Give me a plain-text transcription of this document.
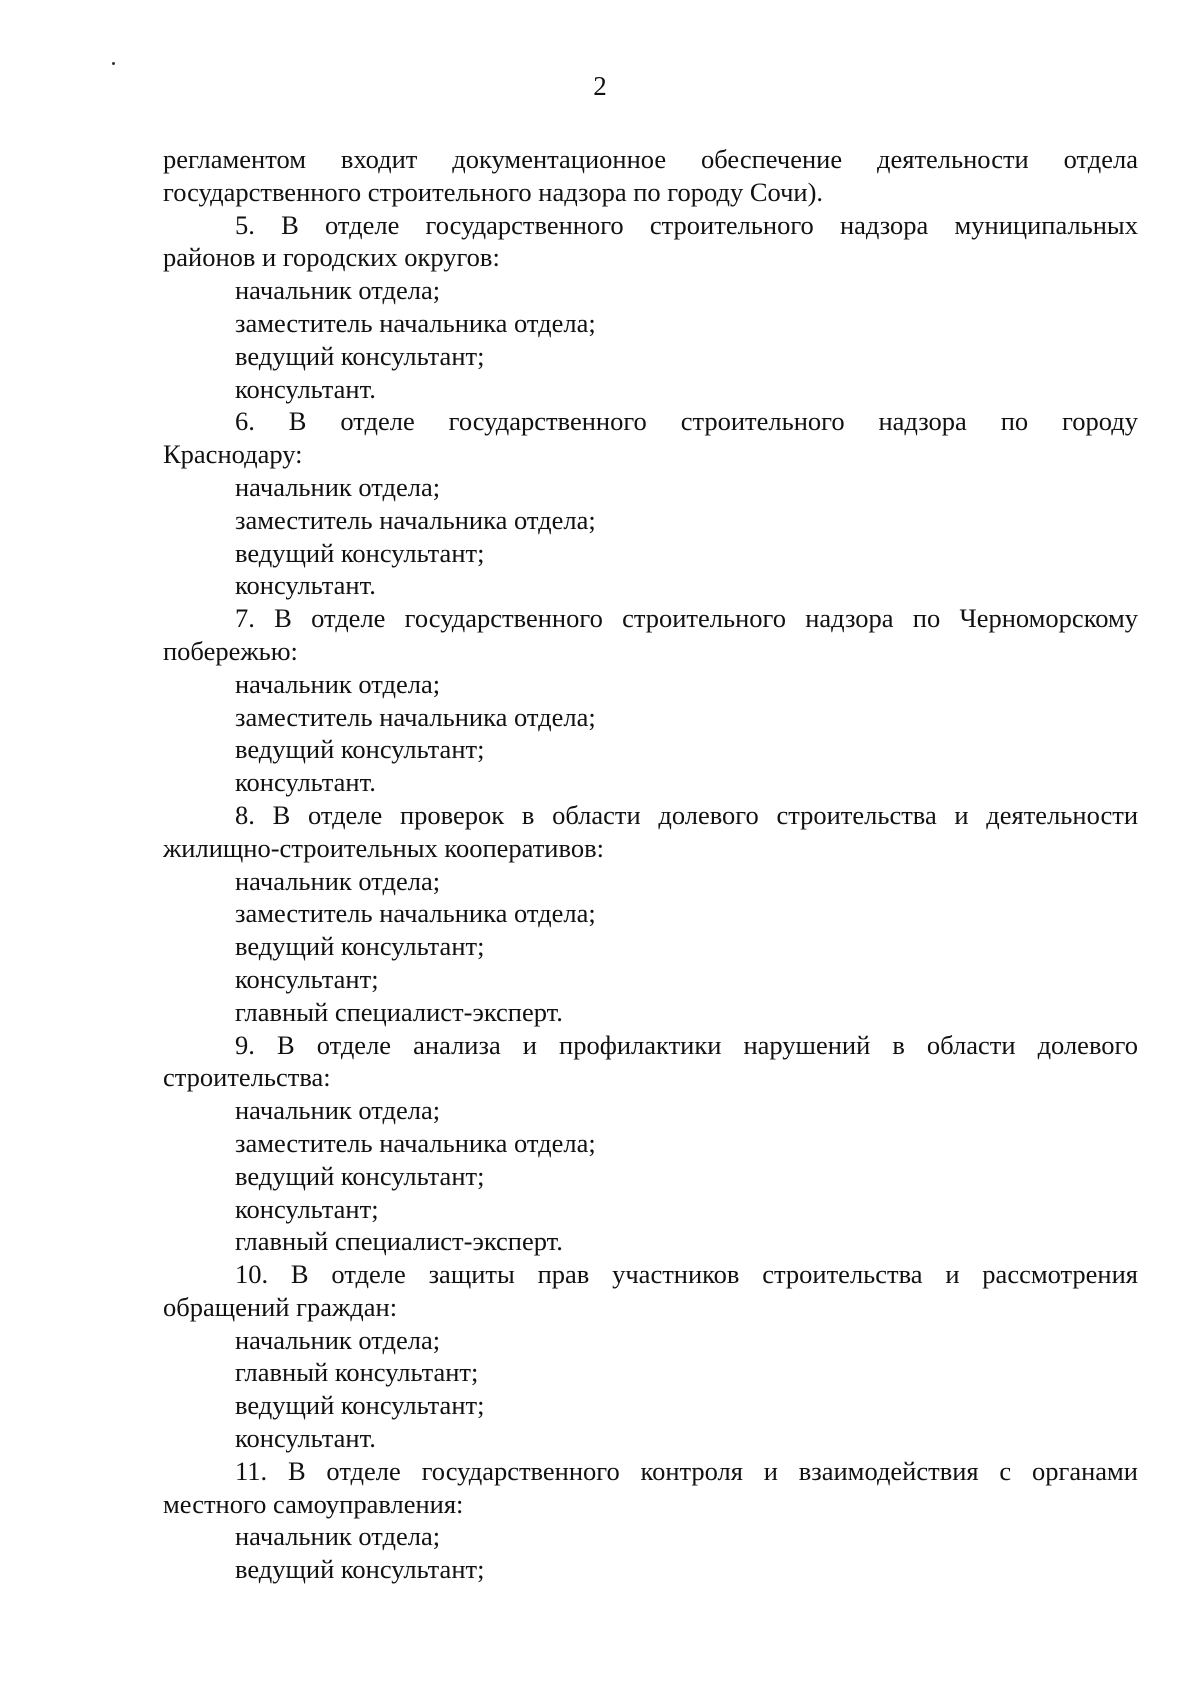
2
регламентом входит документационное обеспечение деятельности отдела
государственного строительного надзора по городу Сочи).
5. В отделе государственного строительного надзора муниципальных
районов и городских округов:
начальник отдела;
заместитель начальника отдела;
ведущий консультант;
консультант.
6. В отделе государственного строительного надзора по городу
Краснодару:
начальник отдела;
заместитель начальника отдела;
ведущий консультант;
консультант.
7. В отделе государственного строительного надзора по Черноморскому
побережью:
начальник отдела;
заместитель начальника отдела;
ведущий консультант;
консультант.
8. В отделе проверок в области долевого строительства и деятельности
жилищно-строительных кооперативов:
начальник отдела;
заместитель начальника отдела;
ведущий консультант;
консультант;
главный специалист-эксперт.
9. В отделе анализа и профилактики нарушений в области долевого
строительства:
начальник отдела;
заместитель начальника отдела;
ведущий консультант;
консультант;
главный специалист-эксперт.
10. В отделе защиты прав участников строительства и рассмотрения
обращений граждан:
начальник отдела;
главный консультант;
ведущий консультант;
консультант.
11. В отделе государственного контроля и взаимодействия с органами
местного самоуправления:
начальник отдела;
ведущий консультант;
